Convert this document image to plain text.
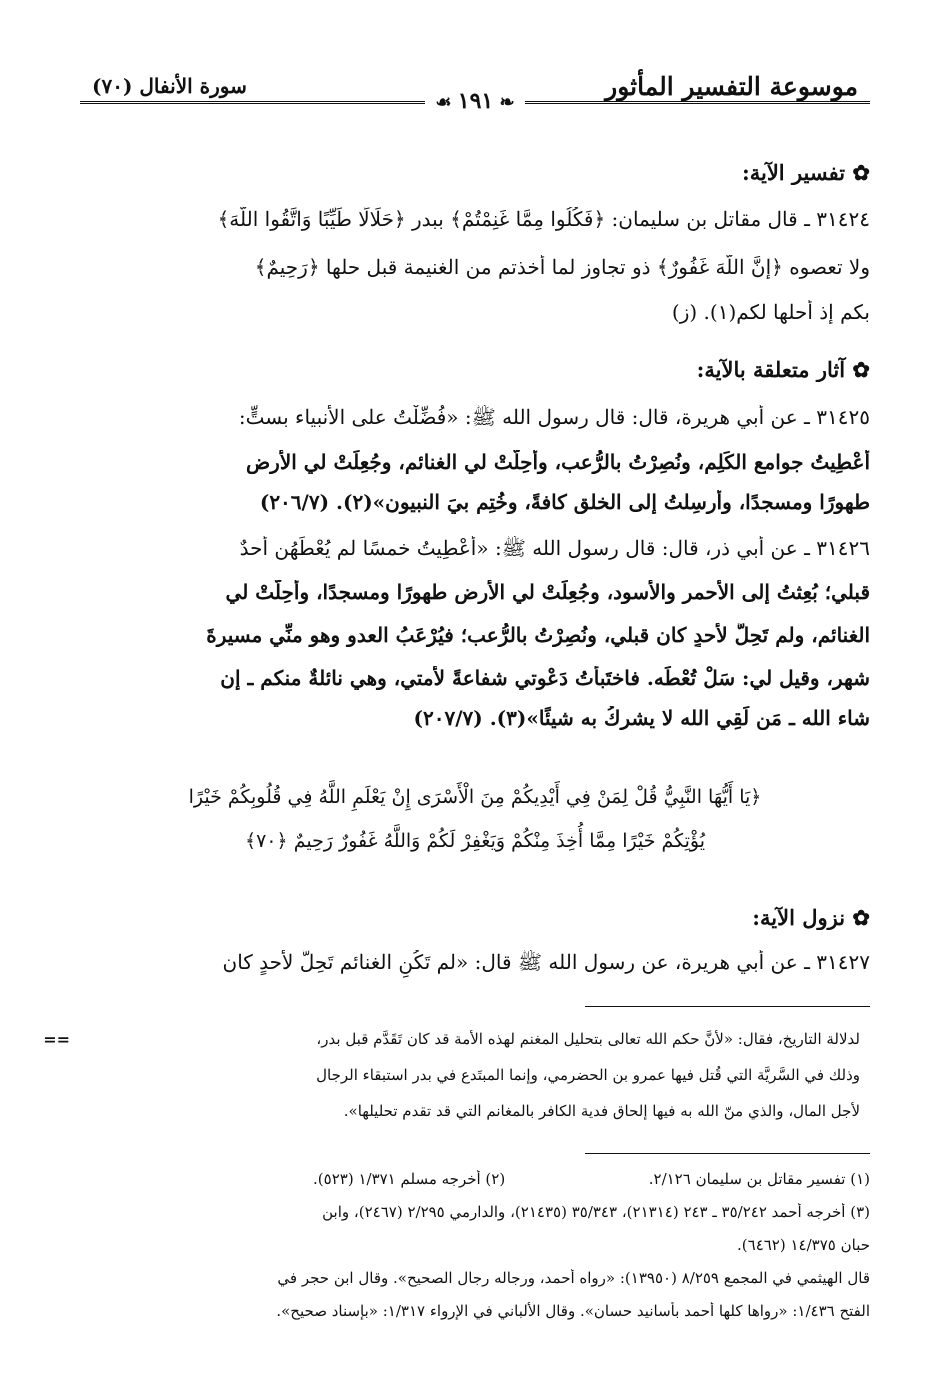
موسوعة التفسير المأثور
سورة الأنفال (٧٠)
❧ ١٩١ ☙
✿ تفسير الآية:
٣١٤٢٤ ـ قال مقاتل بن سليمان: ﴿فَكُلُوا مِمَّا غَنِمْتُمْ﴾ ببدر ﴿حَلَالًا طَيِّبًا وَاتَّقُوا اللَّهَ﴾
ولا تعصوه ﴿إِنَّ اللَّهَ غَفُورٌ﴾ ذو تجاوز لما أخذتم من الغنيمة قبل حلها ﴿رَحِيمٌ﴾
بكم إذ أحلها لكم(١). (ز)
✿ آثار متعلقة بالآية:
٣١٤٢٥ ـ عن أبي هريرة، قال: قال رسول الله ﷺ: «فُضِّلْتُ على الأنبياء بستٍّ:
أُعْطِيتُ جوامع الكَلِم، ونُصِرْتُ بالرُّعب، وأُحِلَّتْ لي الغنائم، وجُعِلَتْ لي الأرض
طهورًا ومسجدًا، وأُرسِلتُ إلى الخلق كافةً، وخُتِم بيَ النبيون»(٢). (٢٠٦/٧)
٣١٤٢٦ ـ عن أبي ذر، قال: قال رسول الله ﷺ: «أُعْطِيتُ خمسًا لم يُعْطَهُن أحدٌ
قبلي؛ بُعِثتُ إلى الأحمر والأسود، وجُعِلَتْ لي الأرض طهورًا ومسجدًا، وأُحِلَّتْ لي
الغنائم، ولم تَحِلَّ لأحدٍ كان قبلي، ونُصِرْتُ بالرُّعب؛ فيُرْعَبُ العدو وهو منِّي مسيرةَ
شهر، وقيل لي: سَلْ تُعْطَه. فاختَبأتُ دَعْوتي شفاعةً لأمتي، وهي نائلةٌ منكم ـ إن
شاء الله ـ مَن لَقِي الله لا يشرِكُ به شيئًا»(٣). (٢٠٧/٧)
﴿يَا أَيُّهَا النَّبِيُّ قُلْ لِمَنْ فِي أَيْدِيكُمْ مِنَ الْأَسْرَى إِنْ يَعْلَمِ اللَّهُ فِي قُلُوبِكُمْ خَيْرًا
يُؤْتِكُمْ خَيْرًا مِمَّا أُخِذَ مِنْكُمْ وَيَغْفِرْ لَكُمْ وَاللَّهُ غَفُورٌ رَحِيمٌ ﴿٧٠﴾
✿ نزول الآية:
٣١٤٢٧ ـ عن أبي هريرة، عن رسول الله ﷺ قال: «لم تَكُنِ الغنائم تَحِلُّ لأحدٍ كان
==	لدلالة التاريخ، فقال: «لأنَّ حكم الله تعالى بتحليل المغنم لهذه الأمة قد كان تَقَدَّم قبل بدر،
وذلك في السَّرِيَّة التي قُتل فيها عمرو بن الحضرمي، وإنما المبتَدع في بدر استبقاء الرجال
لأجل المال، والذي منّ الله به فيها إلحاق فدية الكافر بالمغانم التي قد تقدم تحليلها».
(١) تفسير مقاتل بن سليمان ٢/١٢٦. (٢) أخرجه مسلم ١/٣٧١ (٥٢٣).
(٣) أخرجه أحمد ٣٥/٢٤٢ ـ ٢٤٣ (٢١٣١٤)، ٣٥/٣٤٣ (٢١٤٣٥)، والدارمي ٢/٢٩٥ (٢٤٦٧)، وابن
حبان ١٤/٣٧٥ (٦٤٦٢).
قال الهيثمي في المجمع ٨/٢٥٩ (١٣٩٥٠): «رواه أحمد، ورجاله رجال الصحيح». وقال ابن حجر في
الفتح ١/٤٣٦: «رواها كلها أحمد بأسانيد حسان». وقال الألباني في الإرواء ١/٣١٧: «بإسناد صحيح».
